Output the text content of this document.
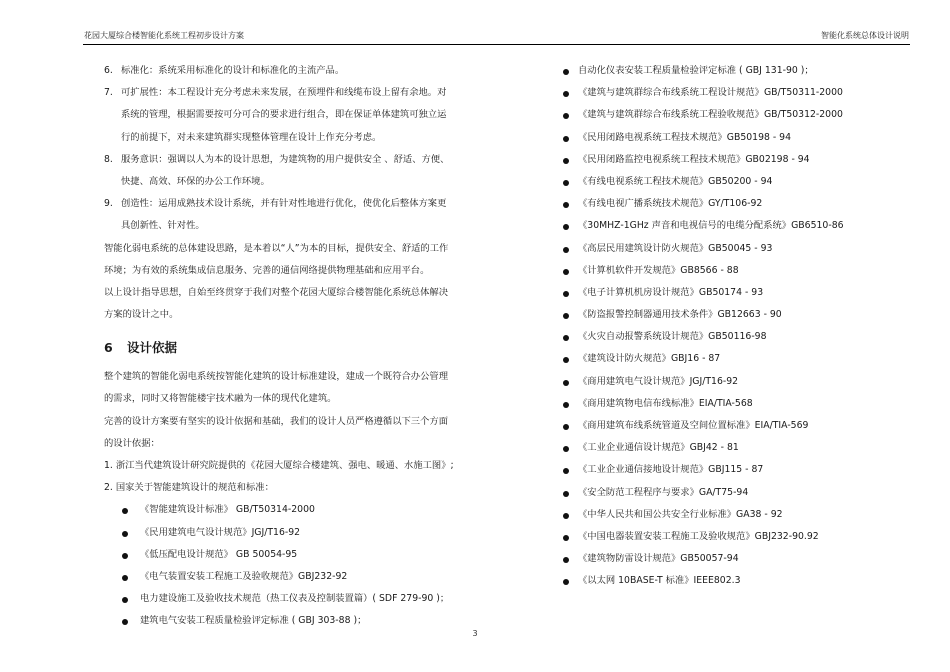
花园大厦综合楼智能化系统工程初步设计方案	智能化系统总体设计说明
6. 标准化：系统采用标准化的设计和标准化的主流产品。
7. 可扩展性：本工程设计充分考虑未来发展，在预埋件和线缆布设上留有余地。对
系统的管理，根据需要按可分可合的要求进行组合，即在保证单体建筑可独立运
行的前提下，对未来建筑群实现整体管理在设计上作充分考虑。
8. 服务意识：强调以人为本的设计思想，为建筑物的用户提供安全 、舒适、方便、
快捷、高效、环保的办公工作环境。
9. 创造性：运用成熟技术设计系统，并有针对性地进行优化，使优化后整体方案更
具创新性、针对性。
智能化弱电系统的总体建设思路，是本着以“人”为本的目标，提供安全、舒适的工作
环境；为有效的系统集成信息服务、完善的通信网络提供物理基础和应用平台。
以上设计指导思想，自始至终贯穿于我们对整个花园大厦综合楼智能化系统总体解决
方案的设计之中。
6 设计依据
整个建筑的智能化弱电系统按智能化建筑的设计标准建设，建成一个既符合办公管理
的需求，同时又将智能楼宇技术融为一体的现代化建筑。
完善的设计方案要有坚实的设计依据和基础，我们的设计人员严格遵循以下三个方面
的设计依据：
1. 浙江当代建筑设计研究院提供的《花园大厦综合楼建筑、强电、暖通、水施工图》;
2. 国家关于智能建筑设计的规范和标准：
《智能建筑设计标准》 GB/T50314-2000
《民用建筑电气设计规范》JGJ/T16-92
《低压配电设计规范》 GB 50054-95
《电气装置安装工程施工及验收规范》GBJ232-92
电力建设施工及验收技术规范（热工仪表及控制装置篇）( SDF 279-90 )；
建筑电气安装工程质量检验评定标准 ( GBJ 303-88 )；
自动化仪表安装工程质量检验评定标准 ( GBJ 131-90 )；
《建筑与建筑群综合布线系统工程设计规范》GB/T50311-2000
《建筑与建筑群综合布线系统工程验收规范》GB/T50312-2000
《民用闭路电视系统工程技术规范》GB50198 - 94
《民用闭路监控电视系统工程技术规范》GB02198 - 94
《有线电视系统工程技术规范》GB50200 - 94
《有线电视广播系统技术规范》GY/T106-92
《30MHZ-1GHz 声音和电视信号的电缆分配系统》GB6510-86
《高层民用建筑设计防火规范》GB50045 - 93
《计算机软件开发规范》GB8566 - 88
《电子计算机机房设计规范》GB50174 - 93
《防盗报警控制器通用技术条件》GB12663 - 90
《火灾自动报警系统设计规范》GB50116-98
《建筑设计防火规范》GBJ16 - 87
《商用建筑电气设计规范》JGJ/T16-92
《商用建筑物电信布线标准》EIA/TIA-568
《商用建筑布线系统管道及空间位置标准》EIA/TIA-569
《工业企业通信设计规范》GBJ42 - 81
《工业企业通信接地设计规范》GBJ115 - 87
《安全防范工程程序与要求》GA/T75-94
《中华人民共和国公共安全行业标准》GA38 - 92
《中国电器装置安装工程施工及验收规范》GBJ232-90.92
《建筑物防雷设计规范》GB50057-94
《以太网 10BASE-T 标准》IEEE802.3
3
